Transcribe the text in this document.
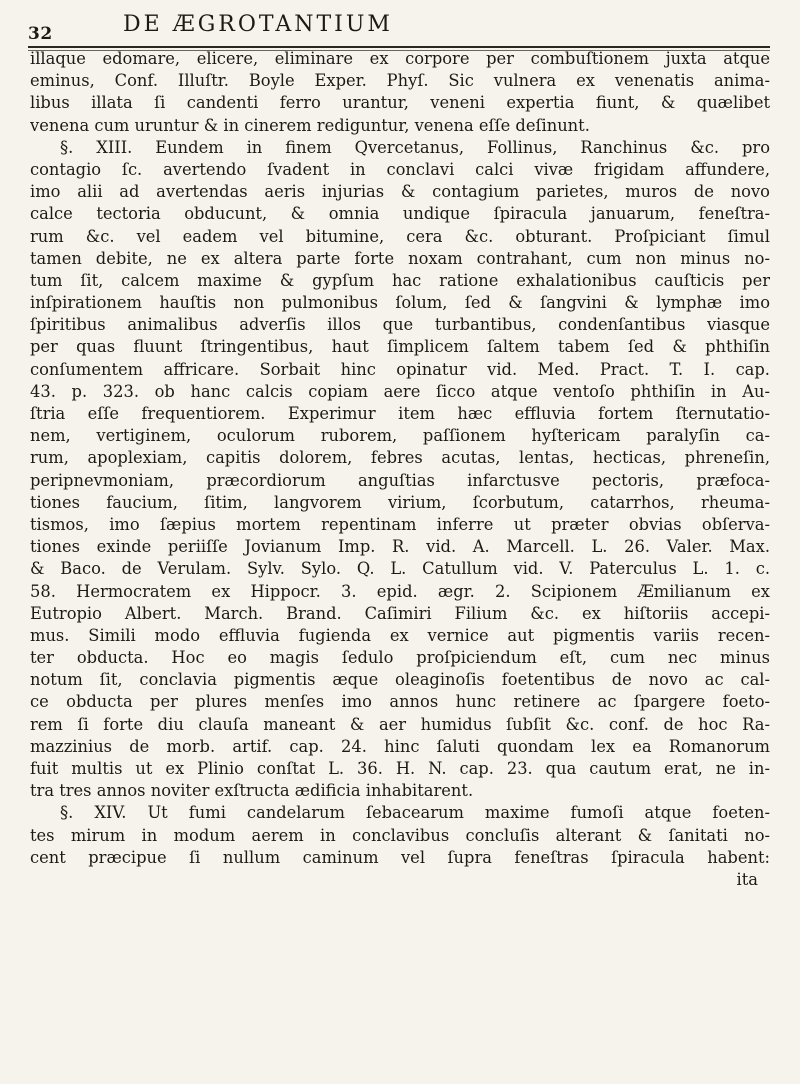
32	DE ÆGROTANTIUM
illaque edomare, elicere, eliminare ex corpore per combuſtionem juxta atque
eminus, Conf. Illuſtr. Boyle Exper. Phyſ. Sic vulnera ex venenatis anima-
libus illata ſi candenti ferro urantur, veneni expertia fiunt, & quælibet
venena cum uruntur & in cinerem rediguntur, venena eſſe deſinunt.
§. XIII. Eundem in finem Qvercetanus, Follinus, Ranchinus &c. pro
contagio ſc. avertendo ſvadent in conclavi calci vivæ frigidam affundere,
imo alii ad avertendas aeris injurias & contagium parietes, muros de novo
calce tectoria obducunt, & omnia undique ſpiracula januarum, feneſtra-
rum &c. vel eadem vel bitumine, cera &c. obturant. Proſpiciant ſimul
tamen debite, ne ex altera parte forte noxam contrahant, cum non minus no-
tum ſit, calcem maxime & gypſum hac ratione exhalationibus cauſticis per
inſpirationem hauſtis non pulmonibus ſolum, ſed & ſangvini & lymphæ imo
ſpiritibus animalibus adverſis illos que turbantibus, condenſantibus viasque
per quas fluunt ſtringentibus, haut ſimplicem ſaltem tabem ſed & phthiſin
conſumentem affricare. Sorbait hinc opinatur vid. Med. Pract. T. I. cap.
43. p. 323. ob hanc calcis copiam aere ſicco atque ventoſo phthiſin in Au-
ſtria eſſe frequentiorem. Experimur item hæc effluvia fortem ſternutatio-
nem, vertiginem, oculorum ruborem, paſſionem hyſtericam paralyſin ca-
rum, apoplexiam, capitis dolorem, febres acutas, lentas, hecticas, phreneſin,
peripnevmoniam, præcordiorum anguſtias infarctusve pectoris, præfoca-
tiones faucium, ſitim, langvorem virium, ſcorbutum, catarrhos, rheuma-
tismos, imo ſæpius mortem repentinam inferre ut præter obvias obſerva-
tiones exinde periiſſe Jovianum Imp. R. vid. A. Marcell. L. 26. Valer. Max.
& Baco. de Verulam. Sylv. Sylo. Q. L. Catullum vid. V. Paterculus L. 1. c.
58. Hermocratem ex Hippocr. 3. epid. ægr. 2. Scipionem Æmilianum ex
Eutropio Albert. March. Brand. Caſimiri Filium &c. ex hiſtoriis accepi-
mus. Simili modo effluvia fugienda ex vernice aut pigmentis variis recen-
ter obducta. Hoc eo magis ſedulo proſpiciendum eſt, cum nec minus
notum ſit, conclavia pigmentis æque oleaginoſis foetentibus de novo ac cal-
ce obducta per plures menſes imo annos hunc retinere ac ſpargere foeto-
rem ſi forte diu clauſa maneant & aer humidus ſubſit &c. conf. de hoc Ra-
mazzinius de morb. artif. cap. 24. hinc ſaluti quondam lex ea Romanorum
fuit multis ut ex Plinio conſtat L. 36. H. N. cap. 23. qua cautum erat, ne in-
tra tres annos noviter exſtructa ædificia inhabitarent.
§. XIV. Ut fumi candelarum ſebacearum maxime fumoſi atque foeten-
tes mirum in modum aerem in conclavibus concluſis alterant & ſanitati no-
cent præcipue ſi nullum caminum vel ſupra feneſtras ſpiracula habent:
ita
